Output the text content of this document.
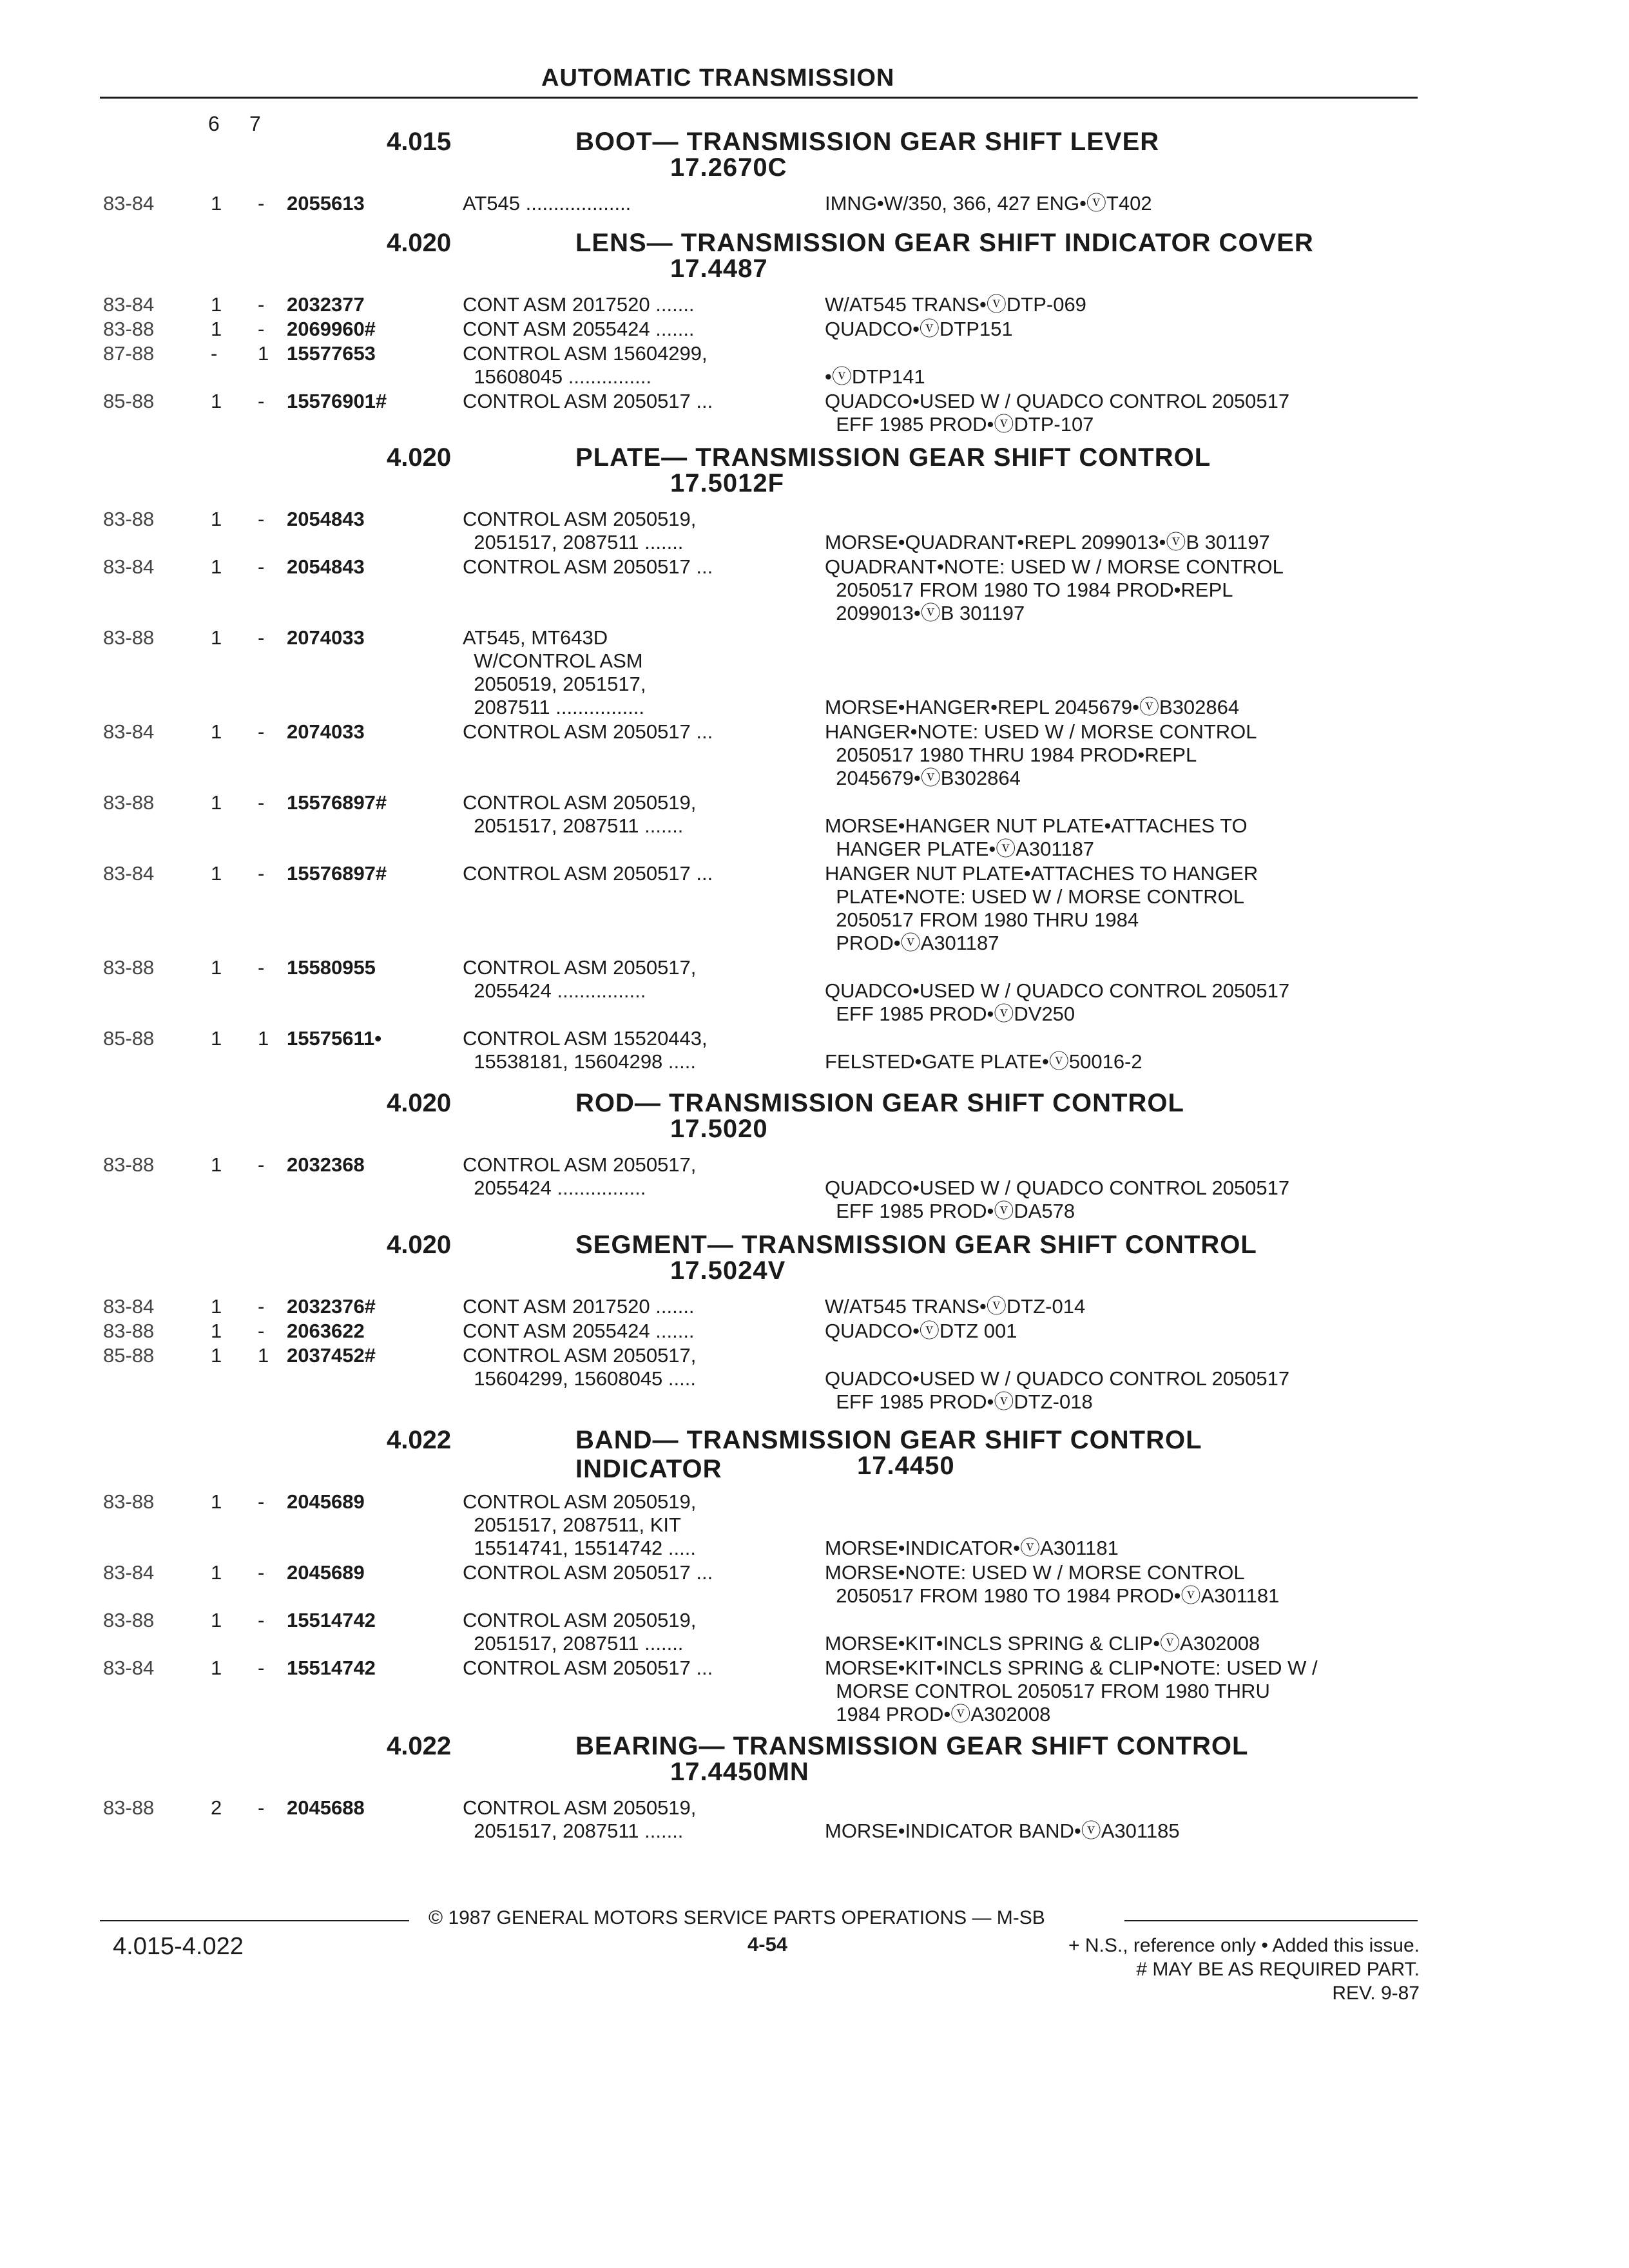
AUTOMATIC TRANSMISSION
6 7
4.015	BOOT— TRANSMISSION GEAR SHIFT LEVER
17.2670C
83-84	1 - 2055613	AT545 ...................	IMNG•W/350, 366, 427 ENG•ⓥT402
4.020	LENS— TRANSMISSION GEAR SHIFT INDICATOR COVER
17.4487
83-84	1 - 2032377	CONT ASM 2017520 .......	W/AT545 TRANS•ⓥDTP-069
83-88	1 - 2069960#	CONT ASM 2055424 .......	QUADCO•ⓥDTP151
87-88	- 1 15577653	CONTROL ASM 15604299,
15608045 ...............	•ⓥDTP141
85-88	1 - 15576901#	CONTROL ASM 2050517 ...	QUADCO•USED W / QUADCO CONTROL 2050517
EFF 1985 PROD•ⓥDTP-107
4.020	PLATE— TRANSMISSION GEAR SHIFT CONTROL
17.5012F
83-88	1 - 2054843	CONTROL ASM 2050519,
2051517, 2087511 .......	MORSE•QUADRANT•REPL 2099013•ⓥB 301197
83-84	1 - 2054843	CONTROL ASM 2050517 ...	QUADRANT•NOTE: USED W / MORSE CONTROL
2050517 FROM 1980 TO 1984 PROD•REPL
2099013•ⓥB 301197
83-88	1 - 2074033	AT545, MT643D
W/CONTROL ASM
2050519, 2051517,
2087511 ................	MORSE•HANGER•REPL 2045679•ⓥB302864
83-84	1 - 2074033	CONTROL ASM 2050517 ...	HANGER•NOTE: USED W / MORSE CONTROL
2050517 1980 THRU 1984 PROD•REPL
2045679•ⓥB302864
83-88	1 - 15576897#	CONTROL ASM 2050519,
2051517, 2087511 .......	MORSE•HANGER NUT PLATE•ATTACHES TO
HANGER PLATE•ⓥA301187
83-84	1 - 15576897#	CONTROL ASM 2050517 ...	HANGER NUT PLATE•ATTACHES TO HANGER
PLATE•NOTE: USED W / MORSE CONTROL
2050517 FROM 1980 THRU 1984
PROD•ⓥA301187
83-88	1 - 15580955	CONTROL ASM 2050517,
2055424 ................	QUADCO•USED W / QUADCO CONTROL 2050517
EFF 1985 PROD•ⓥDV250
85-88	1 1 15575611•	CONTROL ASM 15520443,
15538181, 15604298 .....	FELSTED•GATE PLATE•ⓥ50016-2
4.020	ROD— TRANSMISSION GEAR SHIFT CONTROL
17.5020
83-88	1 - 2032368	CONTROL ASM 2050517,
2055424 ................	QUADCO•USED W / QUADCO CONTROL 2050517
EFF 1985 PROD•ⓥDA578
4.020	SEGMENT— TRANSMISSION GEAR SHIFT CONTROL
17.5024V
83-84	1 - 2032376#	CONT ASM 2017520 .......	W/AT545 TRANS•ⓥDTZ-014
83-88	1 - 2063622	CONT ASM 2055424 .......	QUADCO•ⓥDTZ 001
85-88	1 1 2037452#	CONTROL ASM 2050517,
15604299, 15608045 .....	QUADCO•USED W / QUADCO CONTROL 2050517
EFF 1985 PROD•ⓥDTZ-018
4.022	BAND— TRANSMISSION GEAR SHIFT CONTROL
INDICATOR	17.4450
83-88	1 - 2045689	CONTROL ASM 2050519,
2051517, 2087511, KIT
15514741, 15514742 .....	MORSE•INDICATOR•ⓥA301181
83-84	1 - 2045689	CONTROL ASM 2050517 ...	MORSE•NOTE: USED W / MORSE CONTROL
2050517 FROM 1980 TO 1984 PROD•ⓥA301181
83-88	1 - 15514742	CONTROL ASM 2050519,
2051517, 2087511 .......	MORSE•KIT•INCLS SPRING & CLIP•ⓥA302008
83-84	1 - 15514742	CONTROL ASM 2050517 ...	MORSE•KIT•INCLS SPRING & CLIP•NOTE: USED W /
MORSE CONTROL 2050517 FROM 1980 THRU
1984 PROD•ⓥA302008
4.022	BEARING— TRANSMISSION GEAR SHIFT CONTROL
17.4450MN
83-88	2 - 2045688	CONTROL ASM 2050519,
2051517, 2087511 .......	MORSE•INDICATOR BAND•ⓥA301185
© 1987 GENERAL MOTORS SERVICE PARTS OPERATIONS — M-SB
4.015-4.022	4-54	+ N.S., reference only • Added this issue.
# MAY BE AS REQUIRED PART.
REV. 9-87
